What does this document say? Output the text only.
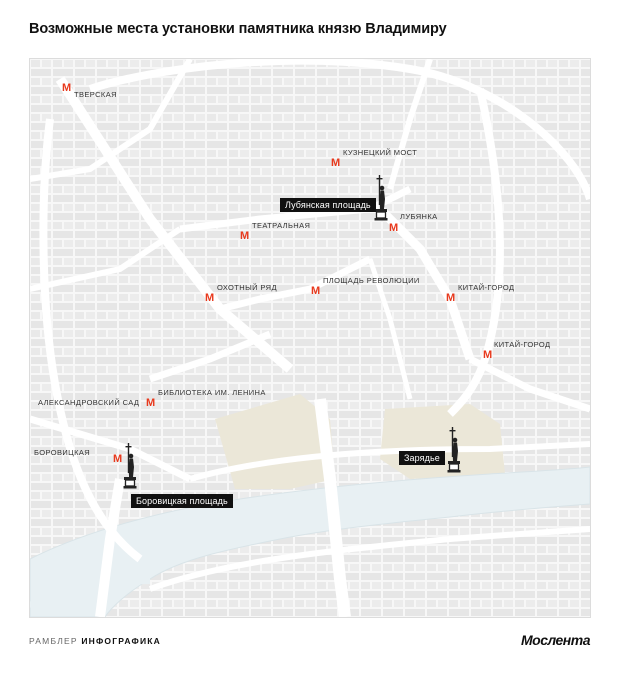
Возможные места установки памятника князю Владимиру
Лубянская площадь
Зарядье
Боровицкая площадь
М
ТВЕРСКАЯ
КУЗНЕЦКИЙ МОСТ
М
ЛУБЯНКА
М
ТЕАТРАЛЬНАЯ
М
ОХОТНЫЙ РЯД
М
ПЛОЩАДЬ РЕВОЛЮЦИИ
М	КИТАЙ-ГОРОД
М
КИТАЙ-ГОРОД
М
БИБЛИОТЕКА ИМ. ЛЕНИНА
М
АЛЕКСАНДРОВСКИЙ САД
БОРОВИЦКАЯ
М
РАМБЛЕР ИНФОГРАФИКА	Мослента
